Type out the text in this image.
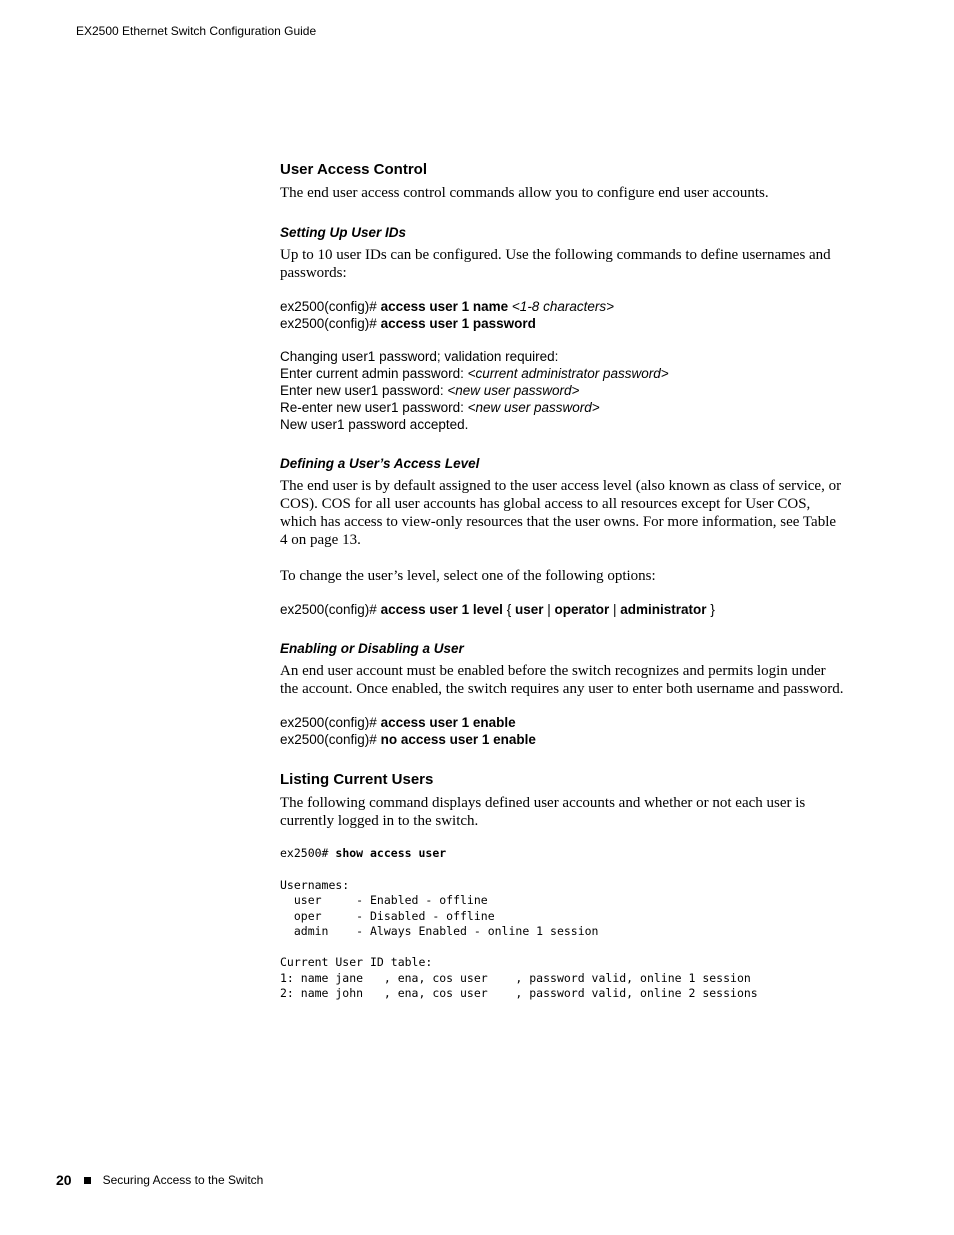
EX2500 Ethernet Switch Configuration Guide
User Access Control

The end user access control commands allow you to configure end user accounts.

Setting Up User IDs

Up to 10 user IDs can be configured. Use the following commands to define usernames and passwords:

ex2500(config)# access user 1 name <1-8 characters>

ex2500(config)# access user 1 password

Changing user1 password; validation required:

Enter current admin password: <current administrator password>

Enter new user1 password: <new user password>

Re-enter new user1 password: <new user password>

New user1 password accepted.

Defining a User’s Access Level

The end user is by default assigned to the user access level (also known as class of service, or COS). COS for all user accounts has global access to all resources except for User COS, which has access to view-only resources that the user owns. For more information, see Table 4 on page 13.

To change the user’s level, select one of the following options:

ex2500(config)# access user 1 level { user | operator | administrator }

Enabling or Disabling a User

An end user account must be enabled before the switch recognizes and permits login under the account. Once enabled, the switch requires any user to enter both username and password.

ex2500(config)# access user 1 enable

ex2500(config)# no access user 1 enable

Listing Current Users

The following command displays defined user accounts and whether or not each user is currently logged in to the switch.

ex2500# show access user

Usernames:

user     - Enabled - offline

oper     - Disabled - offline

admin    - Always Enabled - online 1 session

Current User ID table:

1: name jane   , ena, cos user    , password valid, online 1 session

2: name john   , ena, cos user    , password valid, online 2 sessions

20	Securing Access to the Switch
